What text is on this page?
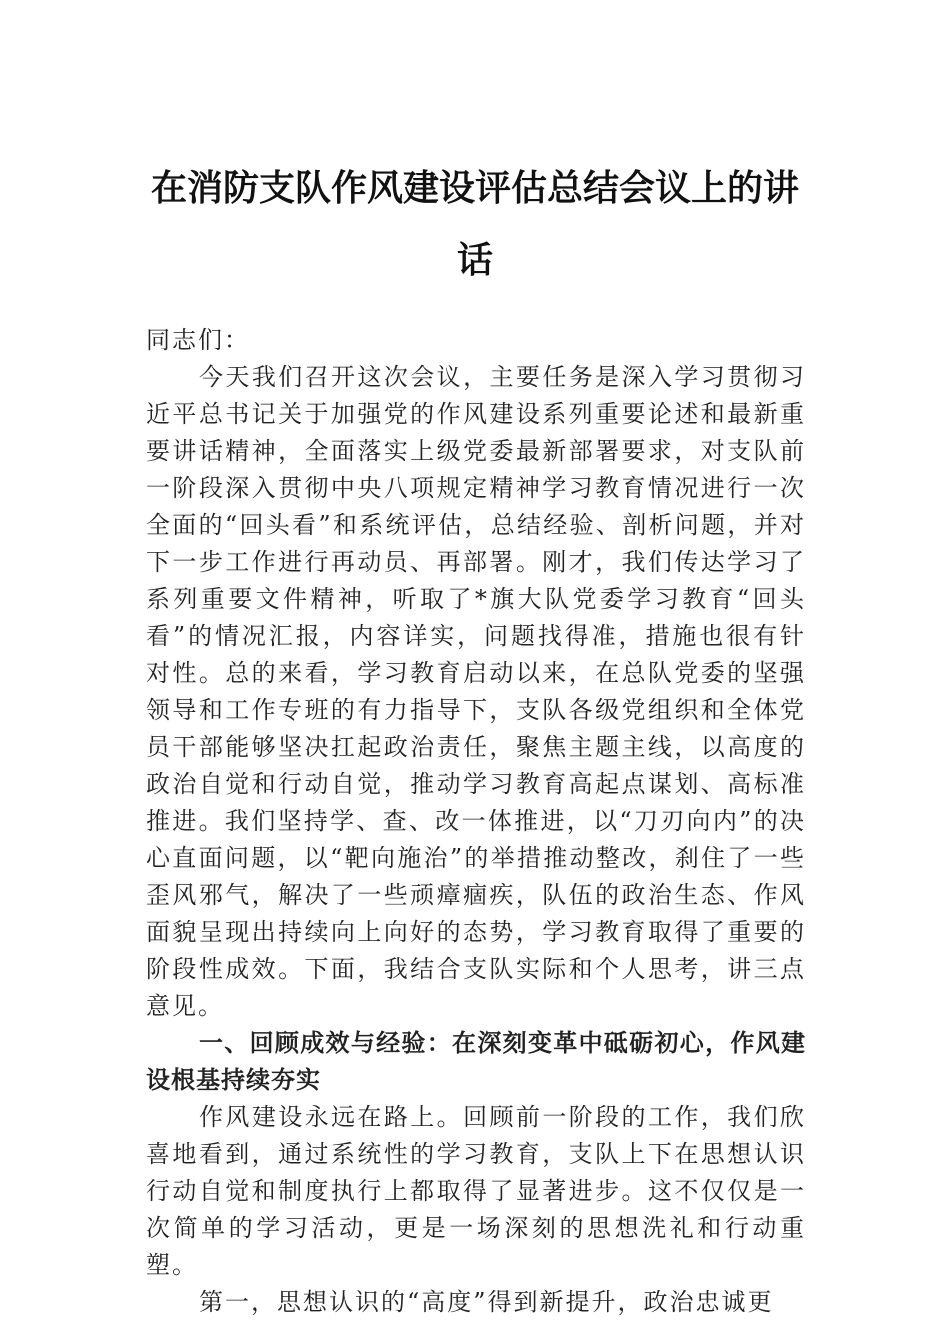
在消防支队作风建设评估总结会议上的讲
话

同志们：

今天我们召开这次会议，主要任务是深入学习贯彻习近平总书记关于加强党的作风建设系列重要论述和最新重要讲话精神，全面落实上级党委最新部署要求，对支队前一阶段深入贯彻中央八项规定精神学习教育情况进行一次全面的“回头看”和系统评估，总结经验、剖析问题，并对下一步工作进行再动员、再部署。刚才，我们传达学习了系列重要文件精神，听取了*旗大队党委学习教育“回头看”的情况汇报，内容详实，问题找得准，措施也很有针对性。总的来看，学习教育启动以来，在总队党委的坚强领导和工作专班的有力指导下，支队各级党组织和全体党员干部能够坚决扛起政治责任，聚焦主题主线，以高度的政治自觉和行动自觉，推动学习教育高起点谋划、高标准推进。我们坚持学、查、改一体推进，以“刀刃向内”的决心直面问题，以“靶向施治”的举措推动整改，刹住了一些歪风邪气，解决了一些顽瘴痼疾，队伍的政治生态、作风面貌呈现出持续向上向好的态势，学习教育取得了重要的阶段性成效。下面，我结合支队实际和个人思考，讲三点意见。

一、回顾成效与经验：在深刻变革中砥砺初心，作风建设根基持续夯实

作风建设永远在路上。回顾前一阶段的工作，我们欣喜地看到，通过系统性的学习教育，支队上下在思想认识行动自觉和制度执行上都取得了显著进步。这不仅仅是一次简单的学习活动，更是一场深刻的思想洗礼和行动重塑。

第一，思想认识的“高度”得到新提升，政治忠诚更
